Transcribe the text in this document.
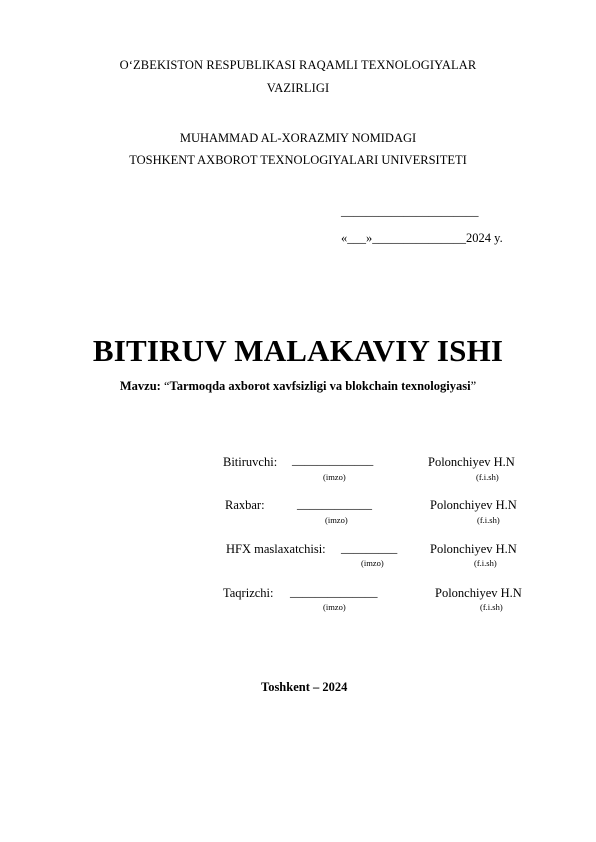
O‘ZBEKISTON RESPUBLIKASI RAQAMLI TEXNOLOGIYALAR
VAZIRLIGI
MUHAMMAD AL-XORAZMIY NOMIDAGI
TOSHKENT AXBOROT TEXNOLOGIYALARI UNIVERSITETI
______________________
«___»_______________2024 y.
BITIRUV MALAKAVIY ISHI
Mavzu: “Tarmoqda axborot xavfsizligi va blokchain texnologiyasi”
Bitiruvchi: _____________
(imzo)
Polonchiyev H.N
(f.i.sh)
Raxbar:	____________
(imzo)
Polonchiyev H.N
(f.i.sh)
HFX maslaxatchisi: _________
(imzo)
Polonchiyev H.N
(f.i.sh)
Taqrizchi: ______________
(imzo)
Polonchiyev H.N
(f.i.sh)
Toshkent – 2024
